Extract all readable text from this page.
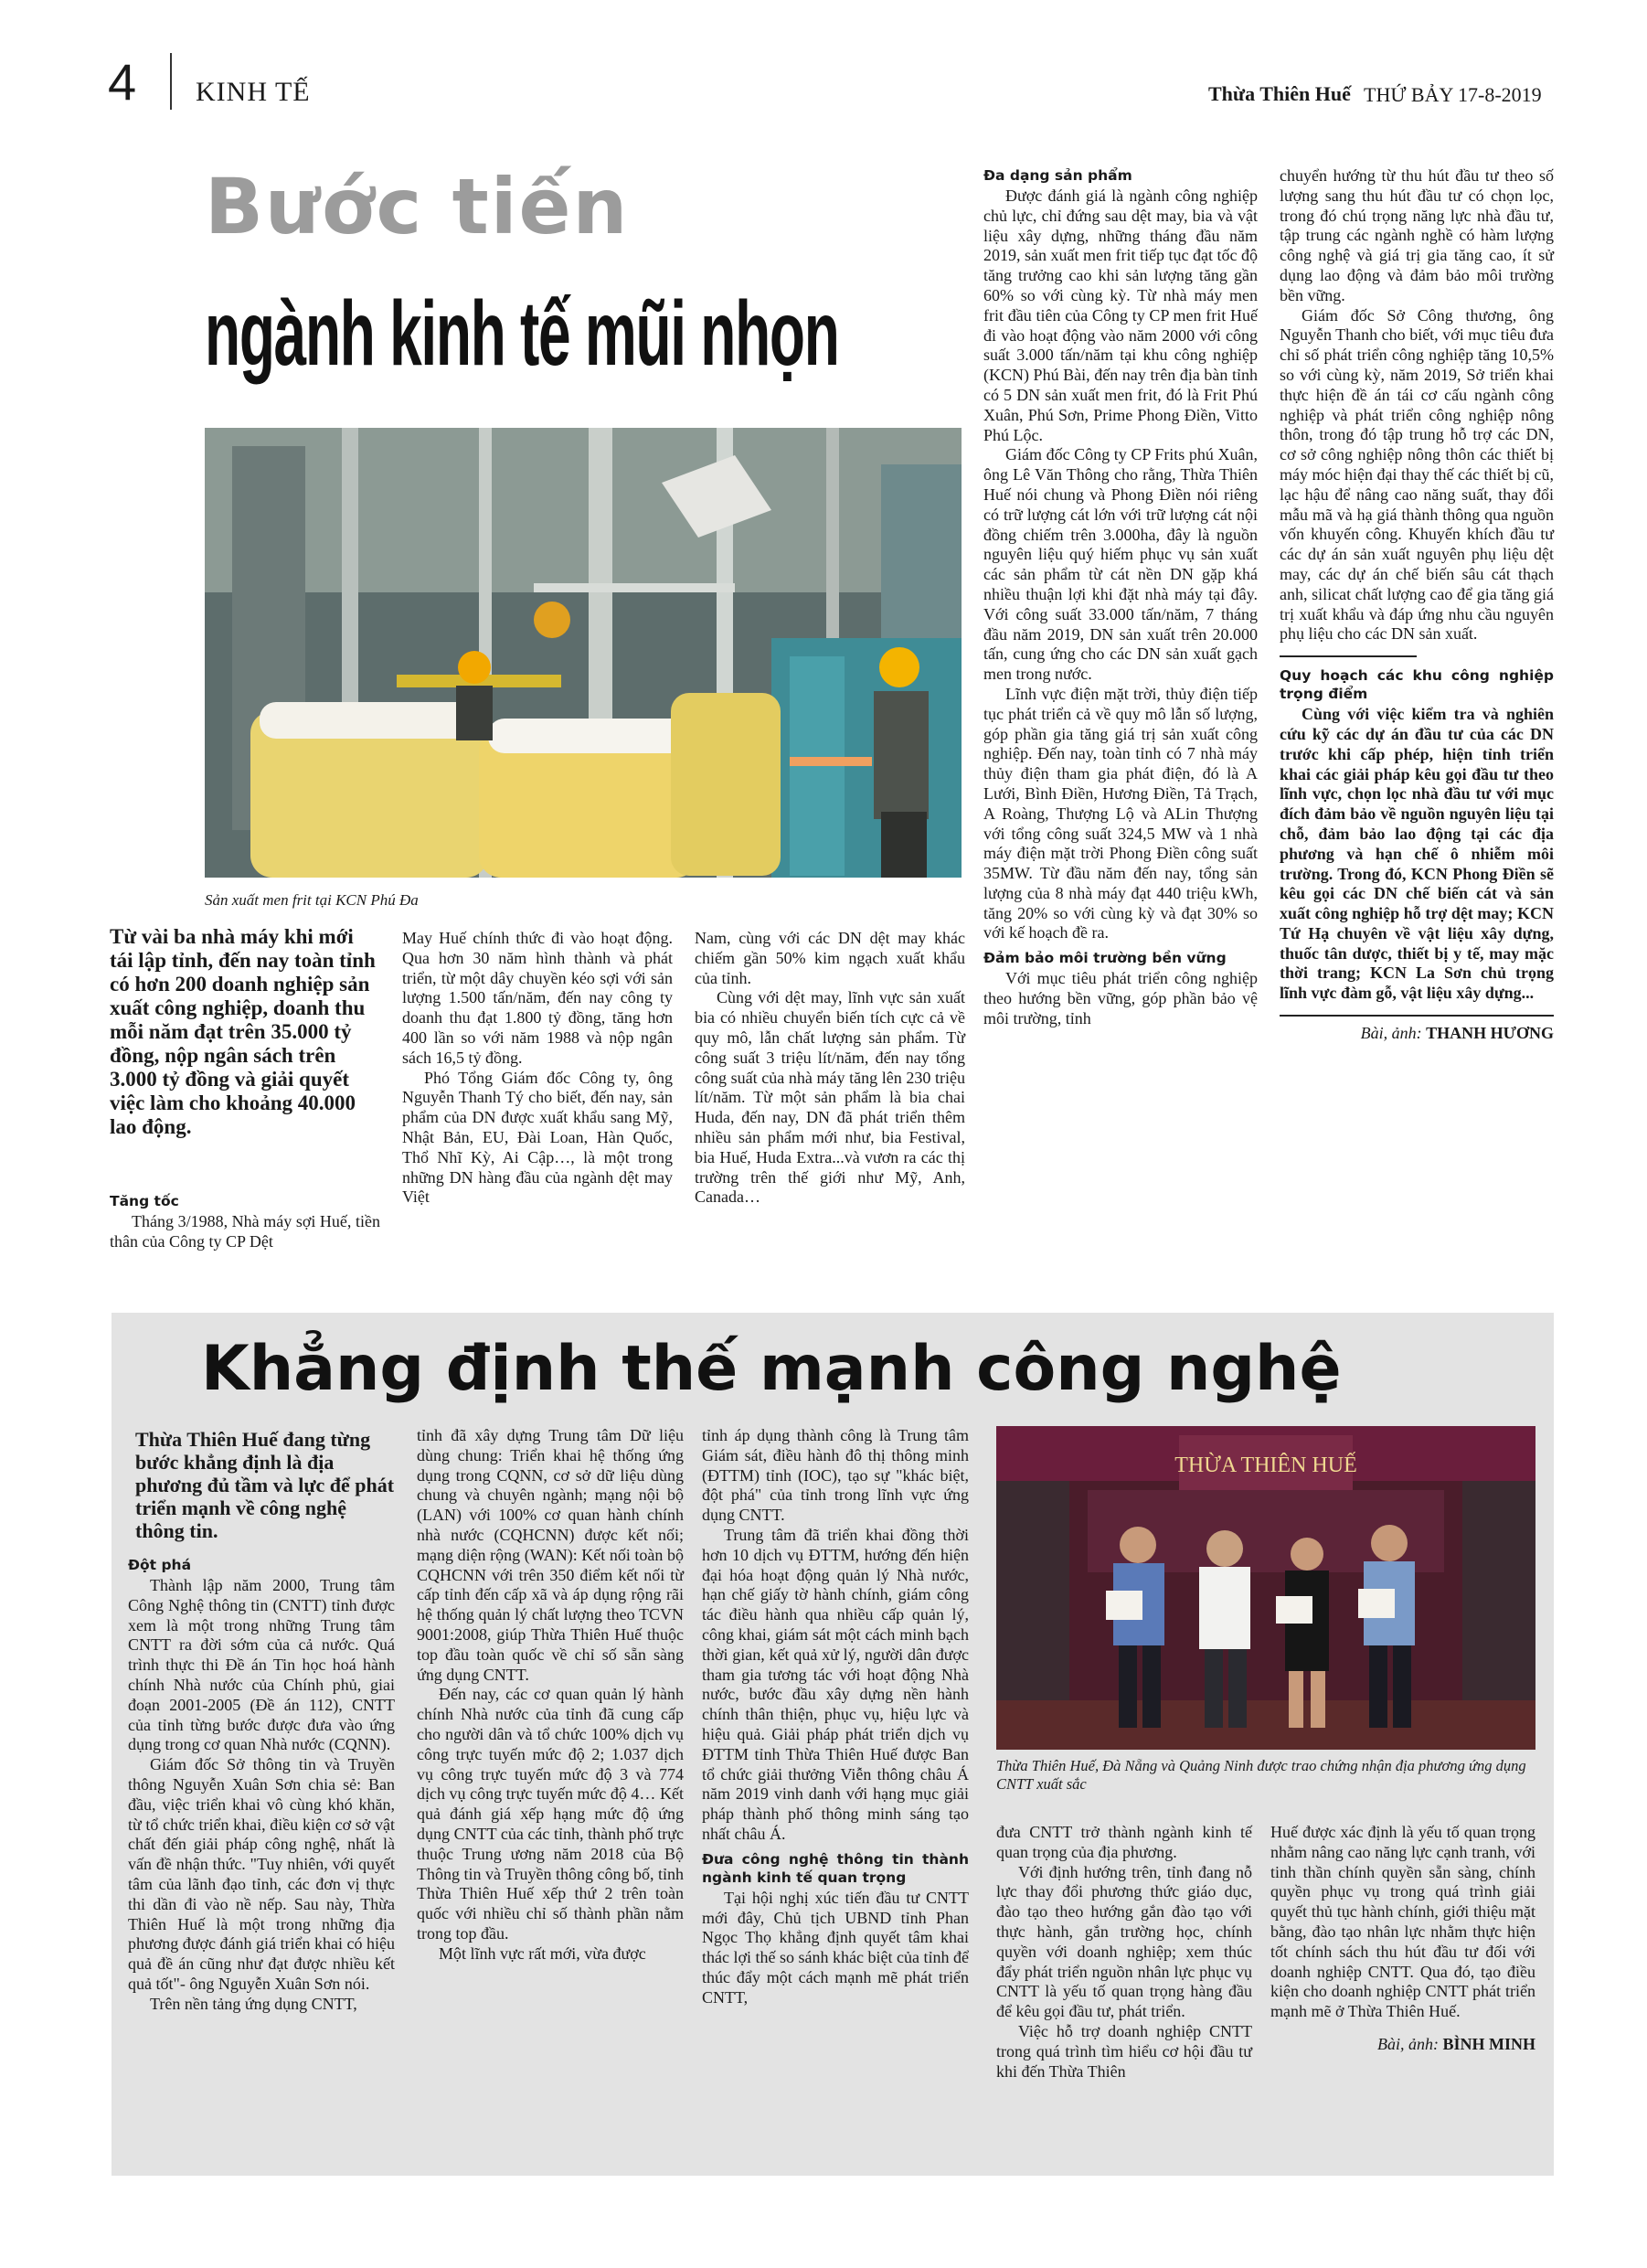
4 KINH TẾ	Thừa Thiên Huế THỨ BẢY 17-8-2019
Bước tiến
ngành kinh tế mũi nhọn
Sản xuất men frit tại KCN Phú Đa
Từ vài ba nhà máy khi mới tái lập tỉnh, đến nay toàn tỉnh có hơn 200 doanh nghiệp sản xuất công nghiệp, doanh thu mỗi năm đạt trên 35.000 tỷ đồng, nộp ngân sách trên 3.000 tỷ đồng và giải quyết việc làm cho khoảng 40.000 lao động.
Tăng tốc

Tháng 3/1988, Nhà máy sợi Huế, tiền thân của Công ty CP Dệt

May Huế chính thức đi vào hoạt động. Qua hơn 30 năm hình thành và phát triển, từ một dây chuyền kéo sợi với sản lượng 1.500 tấn/năm, đến nay công ty doanh thu đạt 1.800 tỷ đồng, tăng hơn 400 lần so với năm 1988 và nộp ngân sách 16,5 tỷ đồng.

Phó Tổng Giám đốc Công ty, ông Nguyễn Thanh Tý cho biết, đến nay, sản phẩm của DN được xuất khẩu sang Mỹ, Nhật Bản, EU, Đài Loan, Hàn Quốc, Thổ Nhĩ Kỳ, Ai Cập…, là một trong những DN hàng đầu của ngành dệt may Việt

Nam, cùng với các DN dệt may khác chiếm gần 50% kim ngạch xuất khẩu của tỉnh.

Cùng với dệt may, lĩnh vực sản xuất bia có nhiều chuyển biến tích cực cả về quy mô, lẫn chất lượng sản phẩm. Từ công suất 3 triệu lít/năm, đến nay tổng công suất của nhà máy tăng lên 230 triệu lít/năm. Từ một sản phẩm là bia chai Huda, đến nay, DN đã phát triển thêm nhiều sản phẩm mới như, bia Festival, bia Huế, Huda Extra...và vươn ra các thị trường trên thế giới như Mỹ, Anh, Canada…

Đa dạng sản phẩm

Được đánh giá là ngành công nghiệp chủ lực, chỉ đứng sau dệt may, bia và vật liệu xây dựng, những tháng đầu năm 2019, sản xuất men frit tiếp tục đạt tốc độ tăng trưởng cao khi sản lượng tăng gần 60% so với cùng kỳ. Từ nhà máy men frit đầu tiên của Công ty CP men frit Huế đi vào hoạt động vào năm 2000 với công suất 3.000 tấn/năm tại khu công nghiệp (KCN) Phú Bài, đến nay trên địa bàn tỉnh có 5 DN sản xuất men frit, đó là Frit Phú Xuân, Phú Sơn, Prime Phong Điền, Vitto Phú Lộc.

Giám đốc Công ty CP Frits phú Xuân, ông Lê Văn Thông cho rằng, Thừa Thiên Huế nói chung và Phong Điền nói riêng có trữ lượng cát lớn với trữ lượng cát nội đồng chiếm trên 3.000ha, đây là nguồn nguyên liệu quý hiếm phục vụ sản xuất các sản phẩm từ cát nền DN gặp khá nhiều thuận lợi khi đặt nhà máy tại đây. Với công suất 33.000 tấn/năm, 7 tháng đầu năm 2019, DN sản xuất trên 20.000 tấn, cung ứng cho các DN sản xuất gạch men trong nước.

Lĩnh vực điện mặt trời, thủy điện tiếp tục phát triển cả về quy mô lẫn số lượng, góp phần gia tăng giá trị sản xuất công nghiệp. Đến nay, toàn tỉnh có 7 nhà máy thủy điện tham gia phát điện, đó là A Lưới, Bình Điền, Hương Điền, Tả Trạch, A Roàng, Thượng Lộ và ALin Thượng với tổng công suất 324,5 MW và 1 nhà máy điện mặt trời Phong Điền công suất 35MW. Từ đầu năm đến nay, tổng sản lượng của 8 nhà máy đạt 440 triệu kWh, tăng 20% so với cùng kỳ và đạt 30% so với kế hoạch đề ra.

Đảm bảo môi trường bền vững

Với mục tiêu phát triển công nghiệp theo hướng bền vững, góp phần bảo vệ môi trường, tỉnh

chuyển hướng từ thu hút đầu tư theo số lượng sang thu hút đầu tư có chọn lọc, trong đó chú trọng năng lực nhà đầu tư, tập trung các ngành nghề có hàm lượng công nghệ và giá trị gia tăng cao, ít sử dụng lao động và đảm bảo môi trường bền vững.

Giám đốc Sở Công thương, ông Nguyễn Thanh cho biết, với mục tiêu đưa chỉ số phát triển công nghiệp tăng 10,5% so với cùng kỳ, năm 2019, Sở triển khai thực hiện đề án tái cơ cấu ngành công nghiệp và phát triển công nghiệp nông thôn, trong đó tập trung hỗ trợ các DN, cơ sở công nghiệp nông thôn các thiết bị máy móc hiện đại thay thế các thiết bị cũ, lạc hậu để nâng cao năng suất, thay đổi mẫu mã và hạ giá thành thông qua nguồn vốn khuyến công. Khuyến khích đầu tư các dự án sản xuất nguyên phụ liệu dệt may, các dự án chế biến sâu cát thạch anh, silicat chất lượng cao để gia tăng giá trị xuất khẩu và đáp ứng nhu cầu nguyên phụ liệu cho các DN sản xuất.

Quy hoạch các khu công nghiệp trọng điểm

Cùng với việc kiểm tra và nghiên cứu kỹ các dự án đầu tư của các DN trước khi cấp phép, hiện tỉnh triển khai các giải pháp kêu gọi đầu tư theo lĩnh vực, chọn lọc nhà đầu tư với mục đích đảm bảo về nguồn nguyên liệu tại chỗ, đảm bảo lao động tại các địa phương và hạn chế ô nhiễm môi trường. Trong đó, KCN Phong Điền sẽ kêu gọi các DN chế biến cát và sản xuất công nghiệp hỗ trợ dệt may; KCN Tứ Hạ chuyên về vật liệu xây dựng, thuốc tân dược, thiết bị y tế, may mặc thời trang; KCN La Sơn chủ trọng lĩnh vực đàm gỗ, vật liệu xây dựng...

Bài, ảnh: THANH HƯƠNG
Khẳng định thế mạnh công nghệ
Thừa Thiên Huế đang từng bước khẳng định là địa phương đủ tầm và lực để phát triển mạnh về công nghệ thông tin.
Đột phá

Thành lập năm 2000, Trung tâm Công Nghệ thông tin (CNTT) tỉnh được xem là một trong những Trung tâm CNTT ra đời sớm của cả nước. Quá trình thực thi Đề án Tin học hoá hành chính Nhà nước của Chính phủ, giai đoạn 2001-2005 (Đề án 112), CNTT của tỉnh từng bước được đưa vào ứng dụng trong cơ quan Nhà nước (CQNN).

Giám đốc Sở thông tin và Truyền thông Nguyễn Xuân Sơn chia sẻ: Ban đầu, việc triển khai vô cùng khó khăn, từ tổ chức triển khai, điều kiện cơ sở vật chất đến giải pháp công nghệ, nhất là vấn đề nhận thức. "Tuy nhiên, với quyết tâm của lãnh đạo tỉnh, các đơn vị thực thi dần đi vào nề nếp. Sau này, Thừa Thiên Huế là một trong những địa phương được đánh giá triển khai có hiệu quả đề án cũng như đạt được nhiều kết quả tốt"- ông Nguyễn Xuân Sơn nói.

Trên nền tảng ứng dụng CNTT,

tỉnh đã xây dựng Trung tâm Dữ liệu dùng chung: Triển khai hệ thống ứng dụng trong CQNN, cơ sở dữ liệu dùng chung và chuyên ngành; mạng nội bộ (LAN) với 100% cơ quan hành chính nhà nước (CQHCNN) được kết nối; mạng diện rộng (WAN): Kết nối toàn bộ CQHCNN với trên 350 điểm kết nối từ cấp tỉnh đến cấp xã và áp dụng rộng rãi hệ thống quản lý chất lượng theo TCVN 9001:2008, giúp Thừa Thiên Huế thuộc top đầu toàn quốc về chỉ số sẵn sàng ứng dụng CNTT.

Đến nay, các cơ quan quản lý hành chính Nhà nước của tỉnh đã cung cấp cho người dân và tổ chức 100% dịch vụ công trực tuyến mức độ 2; 1.037 dịch vụ công trực tuyến mức độ 3 và 774 dịch vụ công trực tuyến mức độ 4… Kết quả đánh giá xếp hạng mức độ ứng dụng CNTT của các tỉnh, thành phố trực thuộc Trung ương năm 2018 của Bộ Thông tin và Truyền thông công bố, tỉnh Thừa Thiên Huế xếp thứ 2 trên toàn quốc với nhiều chỉ số thành phần nằm trong top đầu.

Một lĩnh vực rất mới, vừa được

tỉnh áp dụng thành công là Trung tâm Giám sát, điều hành đô thị thông minh (ĐTTM) tỉnh (IOC), tạo sự "khác biệt, đột phá" của tỉnh trong lĩnh vực ứng dụng CNTT.

Trung tâm đã triển khai đồng thời hơn 10 dịch vụ ĐTTM, hướng đến hiện đại hóa hoạt động quản lý Nhà nước, hạn chế giấy tờ hành chính, giám công tác điều hành qua nhiều cấp quản lý, công khai, giám sát một cách minh bạch thời gian, kết quả xử lý, người dân được tham gia tương tác với hoạt động Nhà nước, bước đầu xây dựng nền hành chính thân thiện, phục vụ, hiệu lực và hiệu quả. Giải pháp phát triển dịch vụ ĐTTM tỉnh Thừa Thiên Huế được Ban tổ chức giải thưởng Viễn thông châu Á năm 2019 vinh danh với hạng mục giải pháp thành phố thông minh sáng tạo nhất châu Á.

Đưa công nghệ thông tin thành ngành kinh tế quan trọng

Tại hội nghị xúc tiến đầu tư CNTT mới đây, Chủ tịch UBND tỉnh Phan Ngọc Thọ khẳng định quyết tâm khai thác lợi thế so sánh khác biệt của tỉnh để thúc đẩy một cách mạnh mẽ phát triển CNTT,

THỪA THIÊN HUẾ
Thừa Thiên Huế, Đà Nẵng và Quảng Ninh được trao chứng nhận địa phương ứng dụng CNTT xuất sắc

đưa CNTT trở thành ngành kinh tế quan trọng của địa phương.

Với định hướng trên, tỉnh đang nỗ lực thay đổi phương thức giáo dục, đào tạo theo hướng gắn đào tạo với thực hành, gắn trường học, chính quyền với doanh nghiệp; xem thúc đẩy phát triển nguồn nhân lực phục vụ CNTT là yếu tố quan trọng hàng đầu để kêu gọi đầu tư, phát triển.

Việc hỗ trợ doanh nghiệp CNTT trong quá trình tìm hiểu cơ hội đầu tư khi đến Thừa Thiên

Huế được xác định là yếu tố quan trọng nhằm nâng cao năng lực cạnh tranh, với tinh thần chính quyền sẵn sàng, chính quyền phục vụ trong quá trình giải quyết thủ tục hành chính, giới thiệu mặt bằng, đào tạo nhân lực nhằm thực hiện tốt chính sách thu hút đầu tư đối với doanh nghiệp CNTT. Qua đó, tạo điều kiện cho doanh nghiệp CNTT phát triển mạnh mẽ ở Thừa Thiên Huế.

Bài, ảnh: BÌNH MINH
